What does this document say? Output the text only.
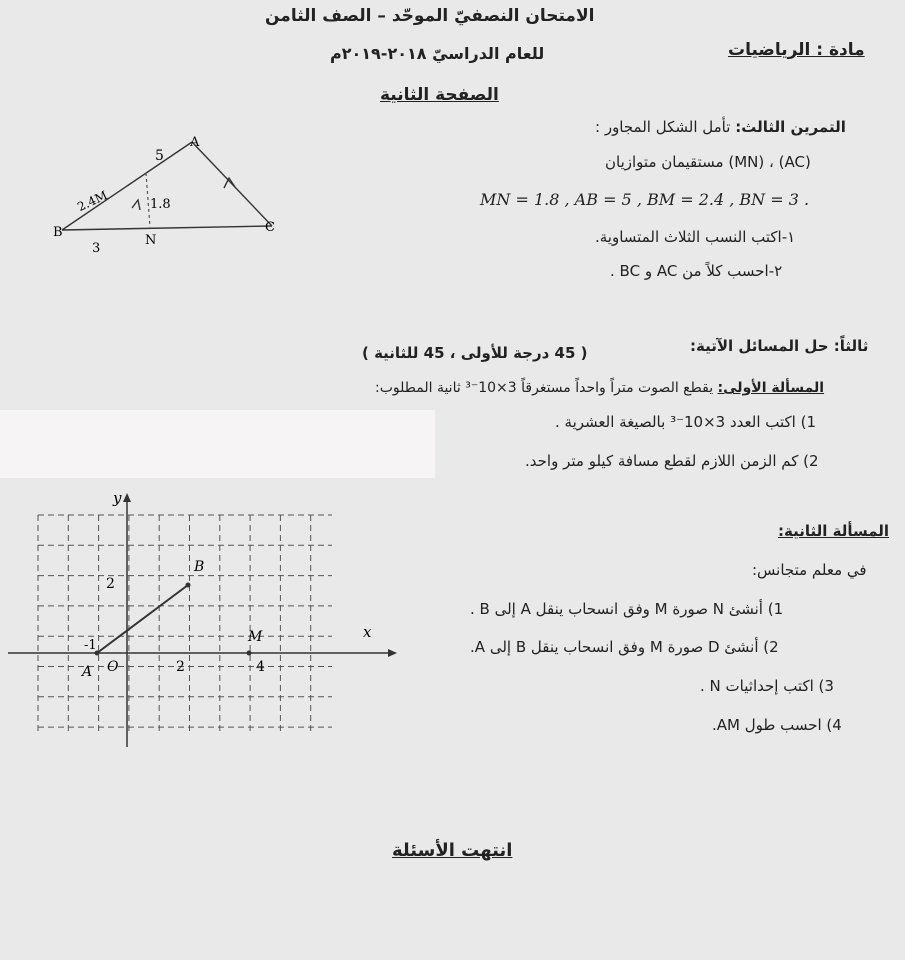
الامتحان النصفيّ الموحّد – الصف الثامن
للعام الدراسيّ ٢٠١٨-٢٠١٩م	مادة : الرياضيات
الصفحة الثانية
التمرين الثالث: تأمل الشكل المجاور :
(AC) ، (MN) مستقيمان متوازيان
MN = 1.8 , AB = 5 , BM = 2.4 , BN = 3 .
١-اكتب النسب الثلاث المتساوية.
٢-احسب كلاً من AC و BC .
A
B	C
N
5
2.4M	1.8
3
ثالثاً: حل المسائل الآتية:
( 45 درجة للأولى ، 45 للثانية )
المسألة الأولى: يقطع الصوت متراً واحداً مستغرقاً 3×10⁻³ ثانية المطلوب:
1) اكتب العدد 3×10⁻³ بالصيغة العشرية .
2) كم الزمن اللازم لقطع مسافة كيلو متر واحد.
المسألة الثانية:
في معلم متجانس:
1) أنشئ N صورة M وفق انسحاب ينقل A إلى B .
2) أنشئ D صورة M وفق انسحاب ينقل B إلى A.
3) اكتب إحداثيات N .
4) احسب طول AM.
x
y
O
2
2	4
-1
A
B
M
انتهت الأسئلة
